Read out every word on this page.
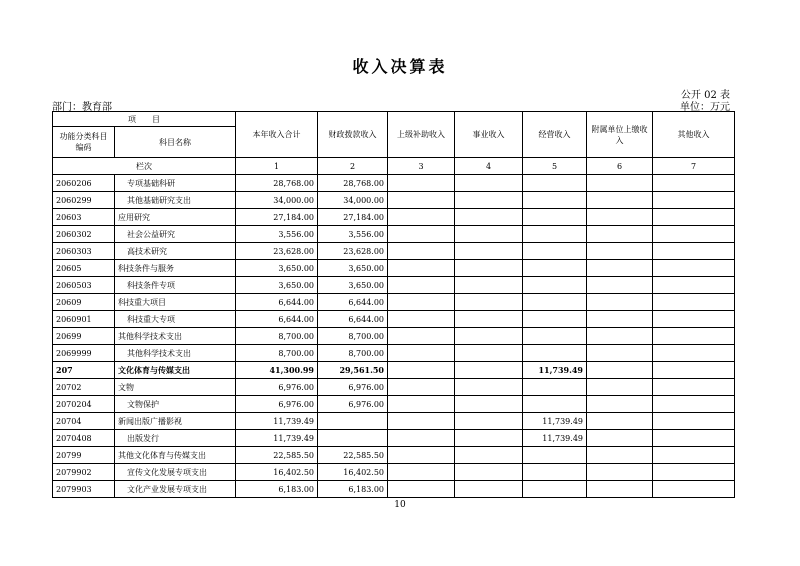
收入决算表
公开 02 表
部门：教育部	单位：万元
项　　目		本年收入合计	财政拨款收入	上级补助收入	事业收入	经营收入	附属单位上缴收入	其他收入
功能分类科目编码	科目名称							
栏次		1	2	3	4	5	6	7
2060206	专项基础科研	28,768.00	28,768.00					
2060299	其他基础研究支出	34,000.00	34,000.00					
20603	应用研究	27,184.00	27,184.00					
2060302	社会公益研究	3,556.00	3,556.00					
2060303	高技术研究	23,628.00	23,628.00					
20605	科技条件与服务	3,650.00	3,650.00					
2060503	科技条件专项	3,650.00	3,650.00					
20609	科技重大项目	6,644.00	6,644.00					
2060901	科技重大专项	6,644.00	6,644.00					
20699	其他科学技术支出	8,700.00	8,700.00					
2069999	其他科学技术支出	8,700.00	8,700.00					
207	文化体育与传媒支出	41,300.99	29,561.50			11,739.49		
20702	文物	6,976.00	6,976.00					
2070204	文物保护	6,976.00	6,976.00					
20704	新闻出版广播影视	11,739.49				11,739.49		
2070408	出版发行	11,739.49				11,739.49		
20799	其他文化体育与传媒支出	22,585.50	22,585.50					
2079902	宣传文化发展专项支出	16,402.50	16,402.50					
2079903	文化产业发展专项支出	6,183.00	6,183.00					
10
